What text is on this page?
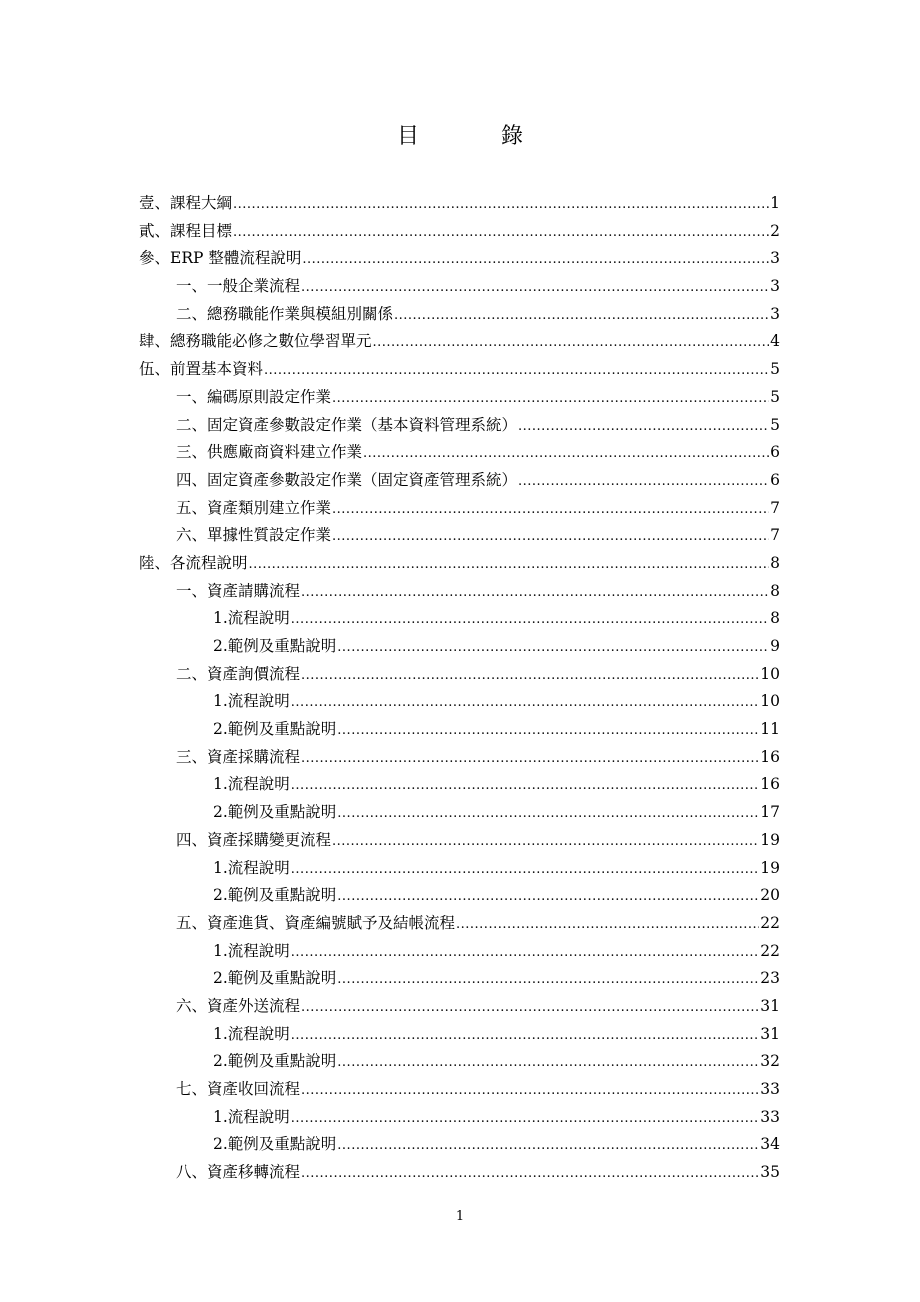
目	錄
壹、課程大綱 .....	1
貳、課程目標 .....	2
參、ERP 整體流程說明 .....	3
一、一般企業流程 .....	3
二、總務職能作業與模組別關係 .....	3
肆、總務職能必修之數位學習單元 .....	4
伍、前置基本資料 .....	5
一、編碼原則設定作業 .....	5
二、固定資產參數設定作業（基本資料管理系統） .....	5
三、供應廠商資料建立作業 .....	6
四、固定資產參數設定作業（固定資產管理系統） .....	6
五、資產類別建立作業 .....	7
六、單據性質設定作業 .....	7
陸、各流程說明 .....	8
一、資產請購流程 .....	8
1.流程說明 .....	8
2.範例及重點說明 .....	9
二、資產詢價流程 .....	10
1.流程說明 .....	10
2.範例及重點說明 .....	11
三、資產採購流程 .....	16
1.流程說明 .....	16
2.範例及重點說明 .....	17
四、資產採購變更流程 .....	19
1.流程說明 .....	19
2.範例及重點說明 .....	20
五、資產進貨、資產編號賦予及結帳流程 .....	22
1.流程說明 .....	22
2.範例及重點說明 .....	23
六、資產外送流程 .....	31
1.流程說明 .....	31
2.範例及重點說明 .....	32
七、資產收回流程 .....	33
1.流程說明 .....	33
2.範例及重點說明 .....	34
八、資產移轉流程 .....	35
1
